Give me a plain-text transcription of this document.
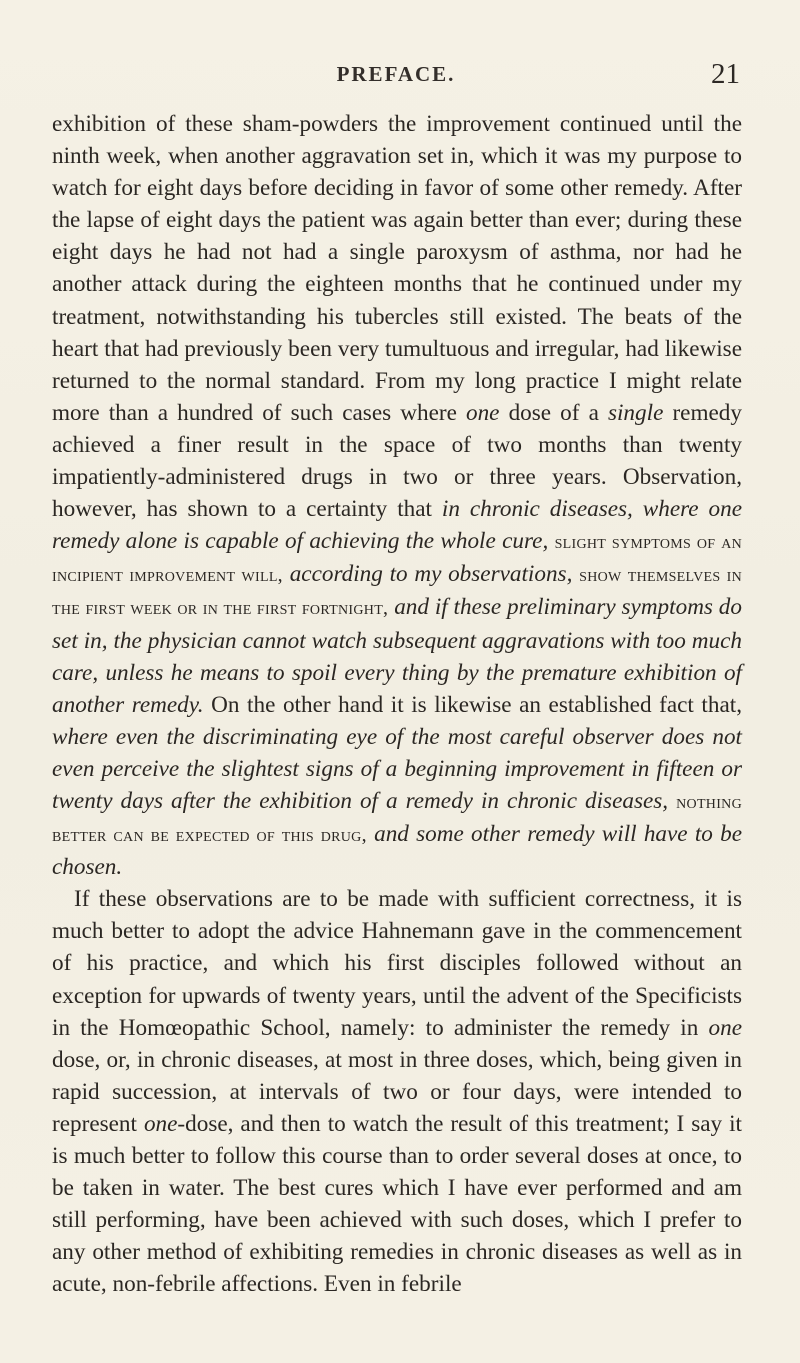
PREFACE.	21

exhibition of these sham-powders the improvement continued until the ninth week, when another aggravation set in, which it was my purpose to watch for eight days before deciding in favor of some other remedy. After the lapse of eight days the patient was again better than ever; during these eight days he had not had a single paroxysm of asthma, nor had he another attack during the eighteen months that he continued under my treatment, notwithstanding his tubercles still existed. The beats of the heart that had previously been very tumultuous and irregular, had likewise returned to the normal standard. From my long practice I might relate more than a hundred of such cases where one dose of a single remedy achieved a finer result in the space of two months than twenty impatiently-administered drugs in two or three years. Observation, however, has shown to a certainty that in chronic diseases, where one remedy alone is capable of achieving the whole cure, slight symptoms of an incipient improvement will, according to my observations, show themselves in the first week or in the first fortnight, and if these preliminary symptoms do set in, the physician cannot watch subsequent aggravations with too much care, unless he means to spoil every thing by the premature exhibition of another remedy. On the other hand it is likewise an established fact that, where even the discriminating eye of the most careful observer does not even perceive the slightest signs of a beginning improvement in fifteen or twenty days after the exhibition of a remedy in chronic diseases, nothing better can be expected of this drug, and some other remedy will have to be chosen.

If these observations are to be made with sufficient correctness, it is much better to adopt the advice Hahnemann gave in the commencement of his practice, and which his first disciples followed without an exception for upwards of twenty years, until the advent of the Specificists in the Homœopathic School, namely: to administer the remedy in one dose, or, in chronic diseases, at most in three doses, which, being given in rapid succession, at intervals of two or four days, were intended to represent one-dose, and then to watch the result of this treatment; I say it is much better to follow this course than to order several doses at once, to be taken in water. The best cures which I have ever performed and am still performing, have been achieved with such doses, which I prefer to any other method of exhibiting remedies in chronic diseases as well as in acute, non-febrile affections. Even in febrile
